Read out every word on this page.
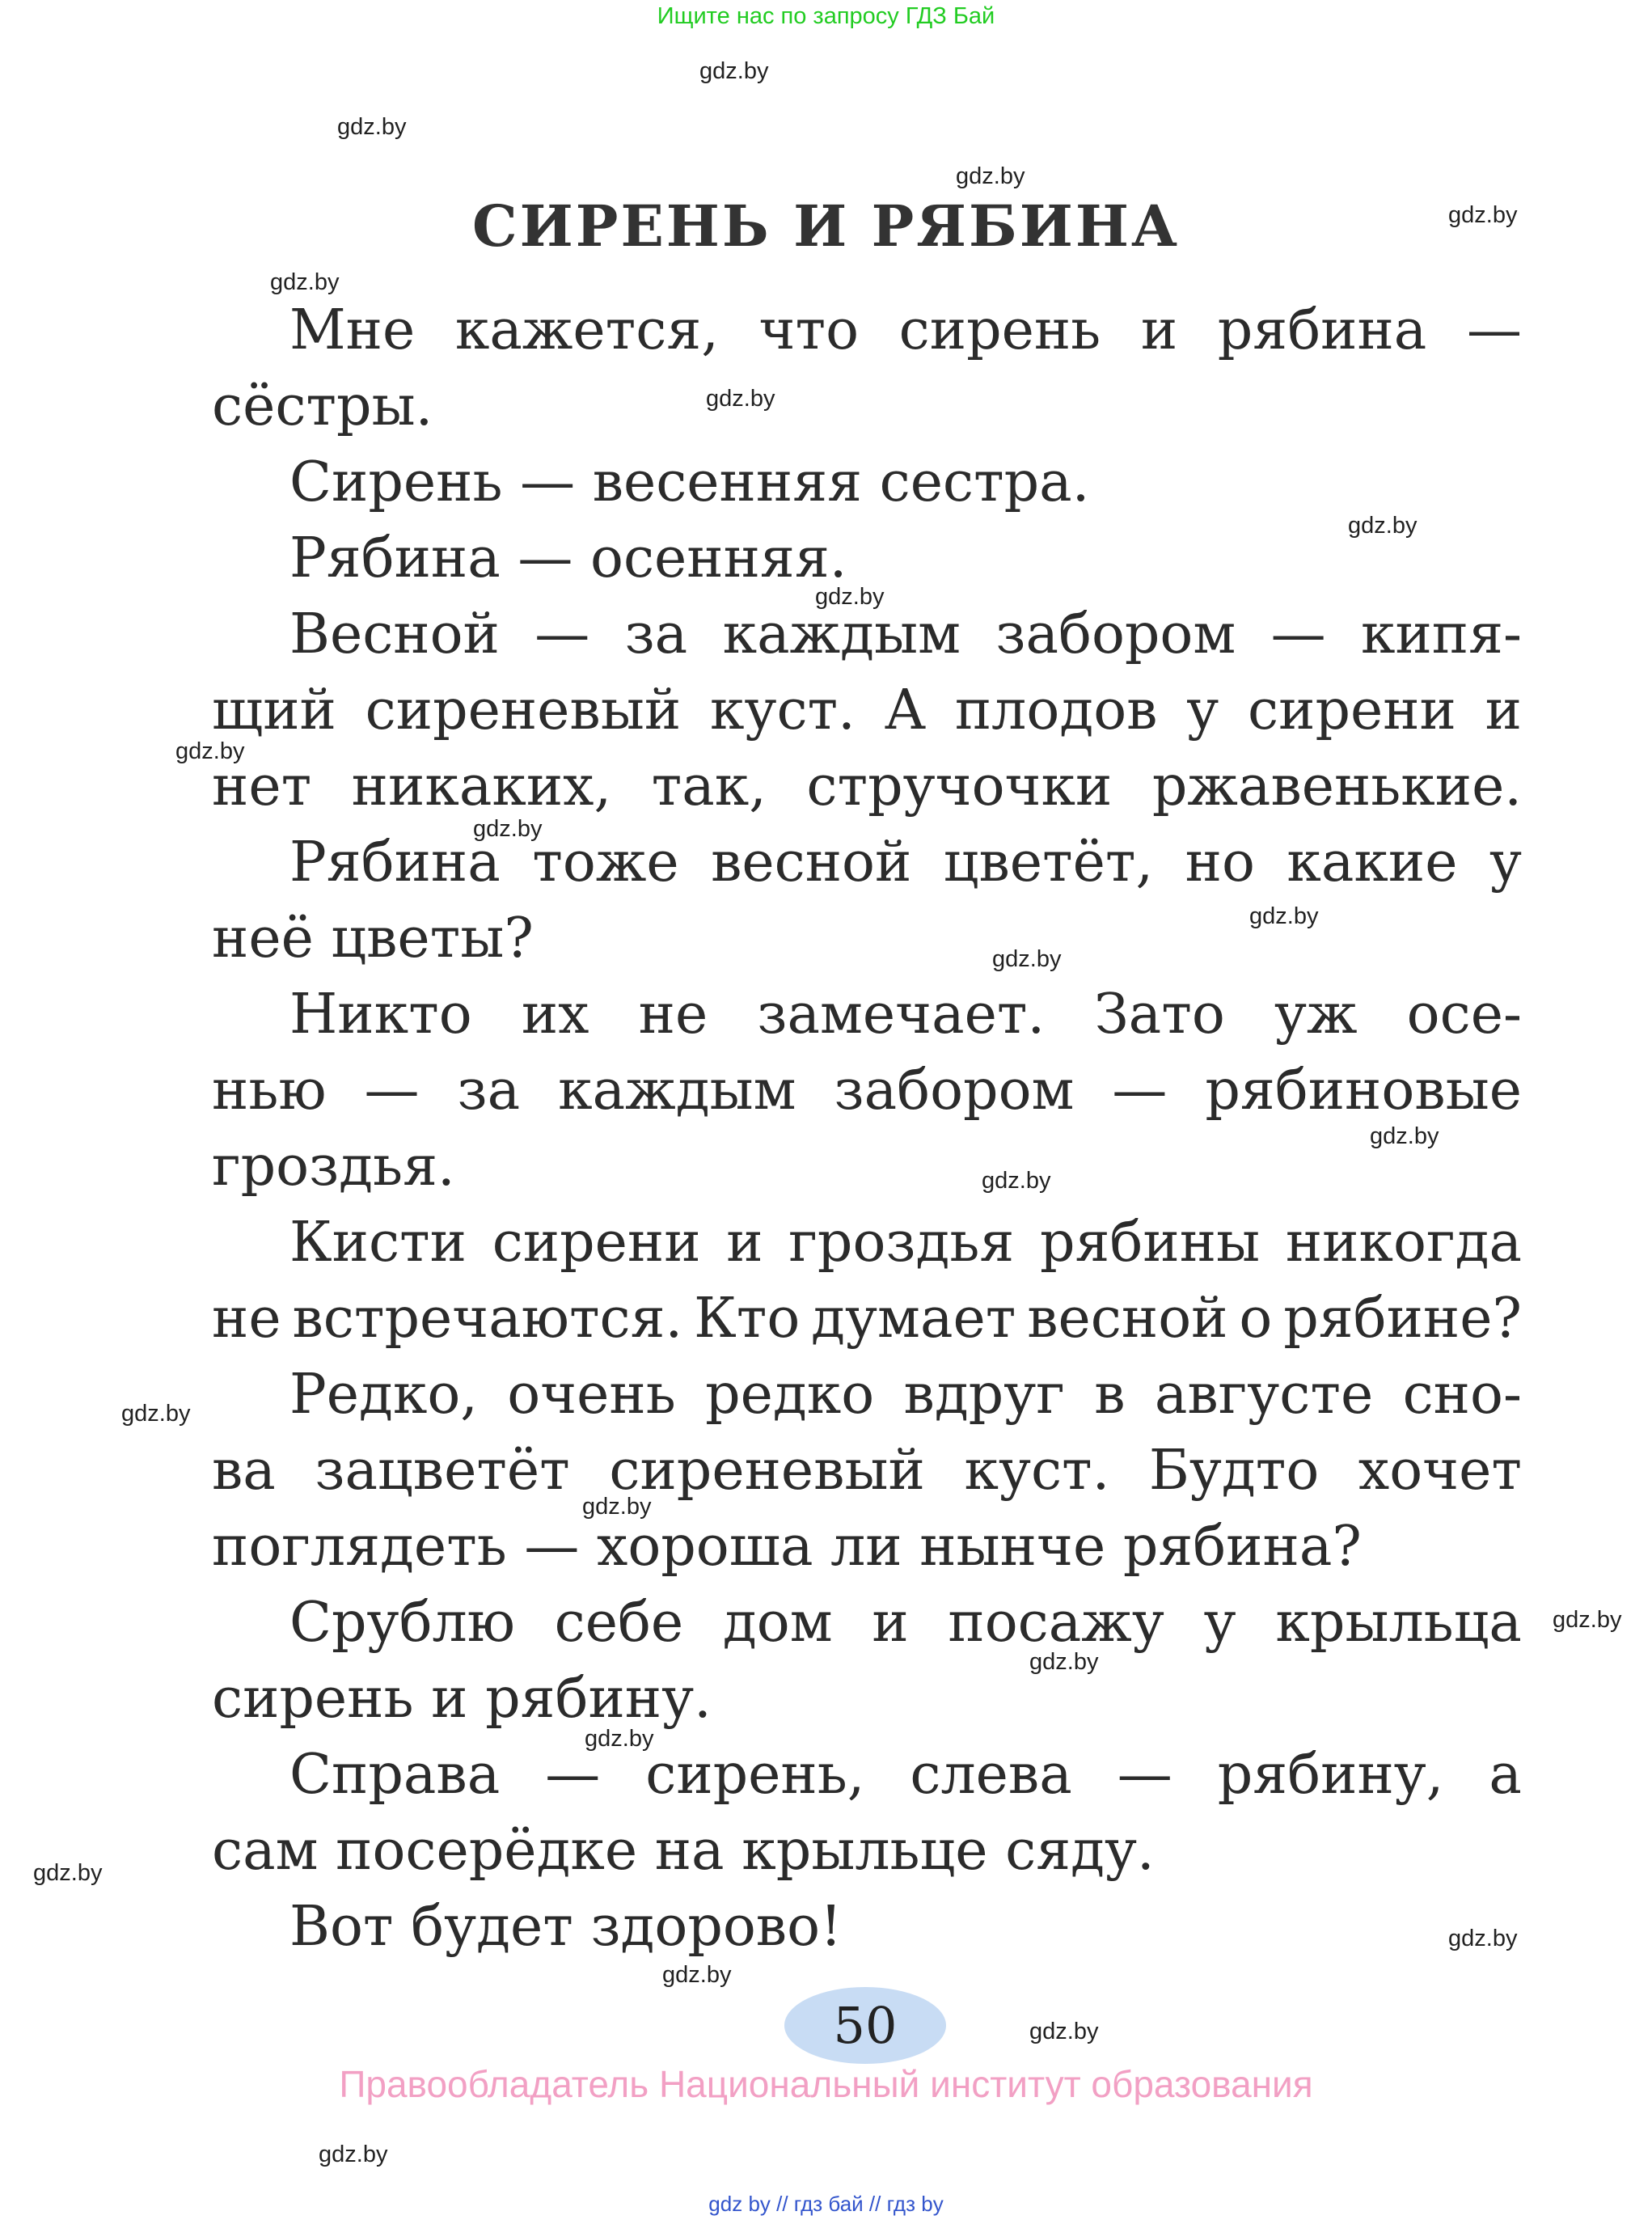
Ищите нас по запросу ГДЗ Бай
gdz.by
gdz.by
gdz.by
gdz.by
gdz.by
gdz.by
gdz.by
gdz.by
gdz.by
gdz.by
gdz.by
gdz.by
gdz.by
gdz.by
gdz.by
gdz.by
gdz.by
gdz.by
gdz.by
gdz.by
gdz.by
gdz.by
gdz.by
gdz.by
СИРЕНЬ И РЯБИНА
Мне кажется, что сирень и рябина —
сёстры.
Сирень — весенняя сестра.
Рябина — осенняя.
Весной — за каждым забором — кипя-
щий сиреневый куст. А плодов у сирени и
нет никаких, так, стручочки ржавенькие.
Рябина тоже весной цветёт, но какие у
неё цветы?
Никто их не замечает. Зато уж осе-
нью — за каждым забором — рябиновые
гроздья.
Кисти сирени и гроздья рябины никогда
не встречаются. Кто думает весной о рябине?
Редко, очень редко вдруг в августе сно-
ва зацветёт сиреневый куст. Будто хочет
поглядеть — хороша ли нынче рябина?
Срублю себе дом и посажу у крыльца
сирень и рябину.
Справа — сирень, слева — рябину, а
сам посерёдке на крыльце сяду.
Вот будет здорово!
50
Правообладатель Национальный институт образования
gdz by // гдз бай // гдз by
